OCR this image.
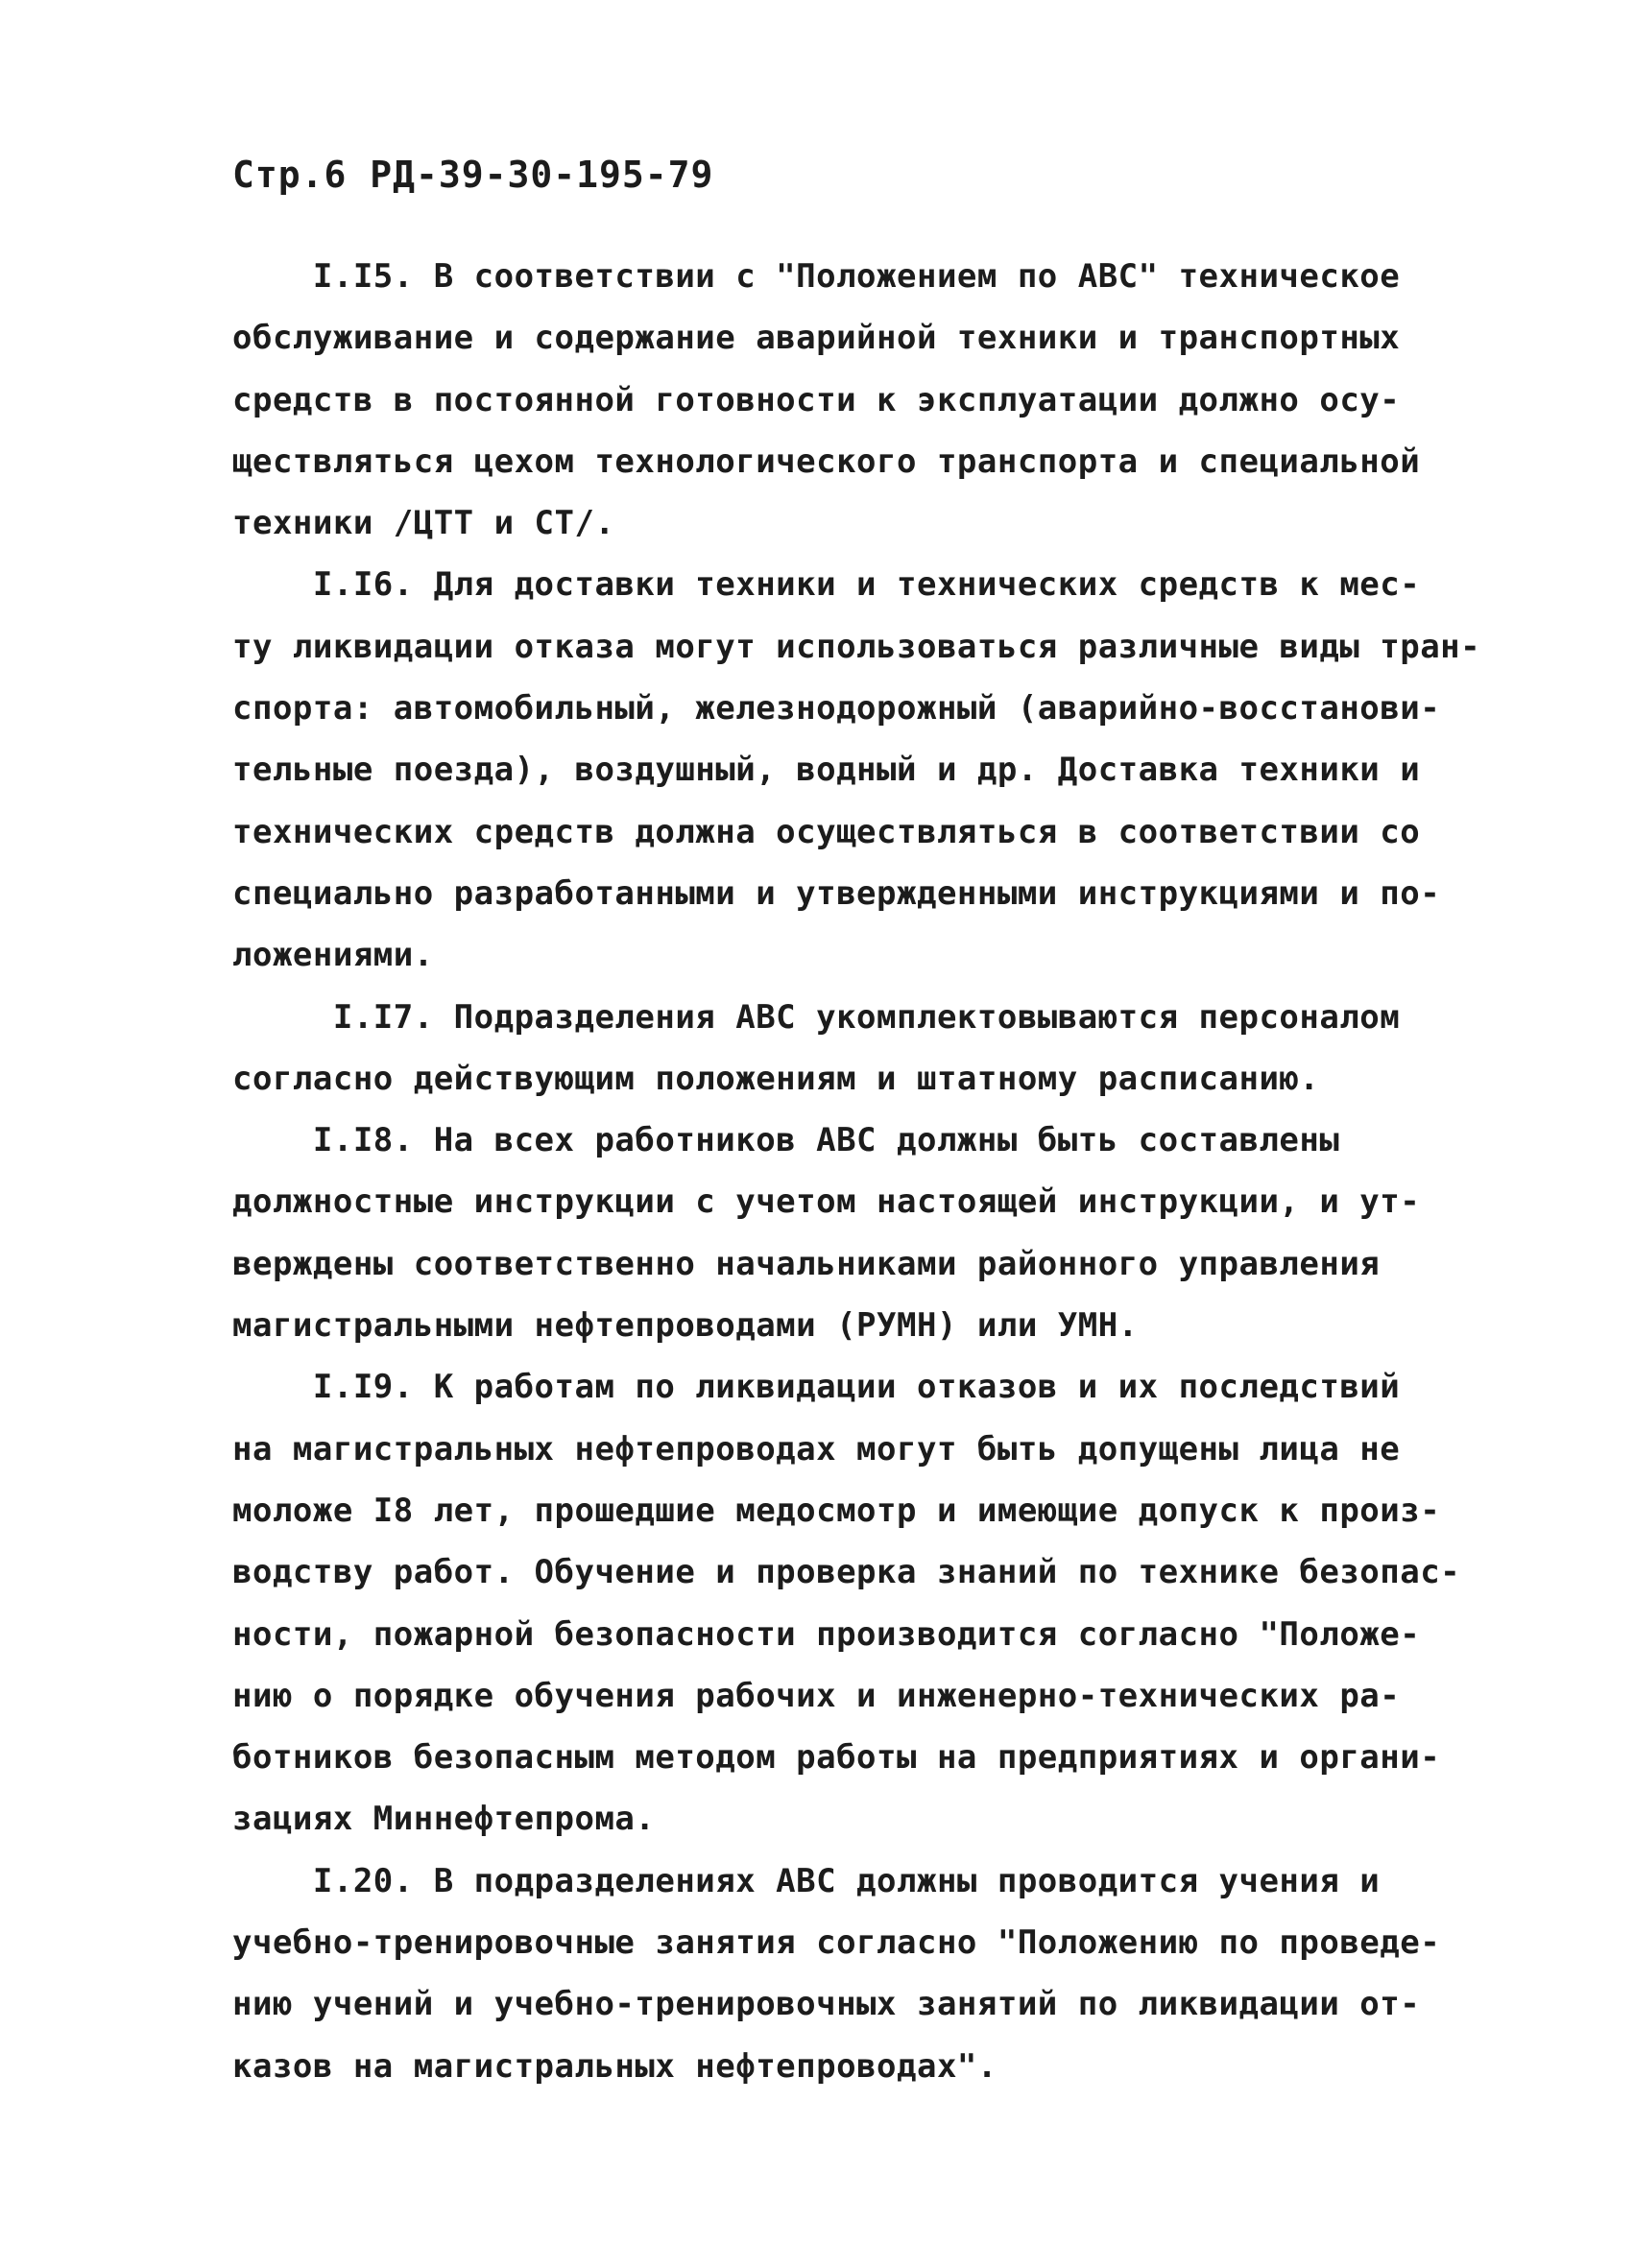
Стр.6 РД-39-30-195-79
I.I5. В соответствии с "Положением по АВС" техническое
обслуживание и содержание аварийной техники и транспортных
средств в постоянной готовности к эксплуатации должно осу-
ществляться цехом технологического транспорта и специальной
техники /ЦТТ и СТ/.
I.I6. Для доставки техники и технических средств к мес-
ту ликвидации отказа могут использоваться различные виды тран-
спорта: автомобильный, железнодорожный (аварийно-восстанови-
тельные поезда), воздушный, водный и др. Доставка техники и
технических средств должна осуществляться в соответствии со
специально разработанными и утвержденными инструкциями и по-
ложениями.
I.I7. Подразделения АВС укомплектовываются персоналом
согласно действующим положениям и штатному расписанию.
I.I8. На всех работников АВС должны быть составлены
должностные инструкции с учетом настоящей инструкции, и ут-
верждены соответственно начальниками районного управления
магистральными нефтепроводами (РУМН) или УМН.
I.I9. К работам по ликвидации отказов и их последствий
на магистральных нефтепроводах могут быть допущены лица не
моложе I8 лет, прошедшие медосмотр и имеющие допуск к произ-
водству работ. Обучение и проверка знаний по технике безопас-
ности, пожарной безопасности производится согласно "Положе-
нию о порядке обучения рабочих и инженерно-технических ра-
ботников безопасным методом работы на предприятиях и органи-
зациях Миннефтепрома.
I.20. В подразделениях АВС должны проводится учения и
учебно-тренировочные занятия согласно "Положению по проведе-
нию учений и учебно-тренировочных занятий по ликвидации от-
казов на магистральных нефтепроводах".
